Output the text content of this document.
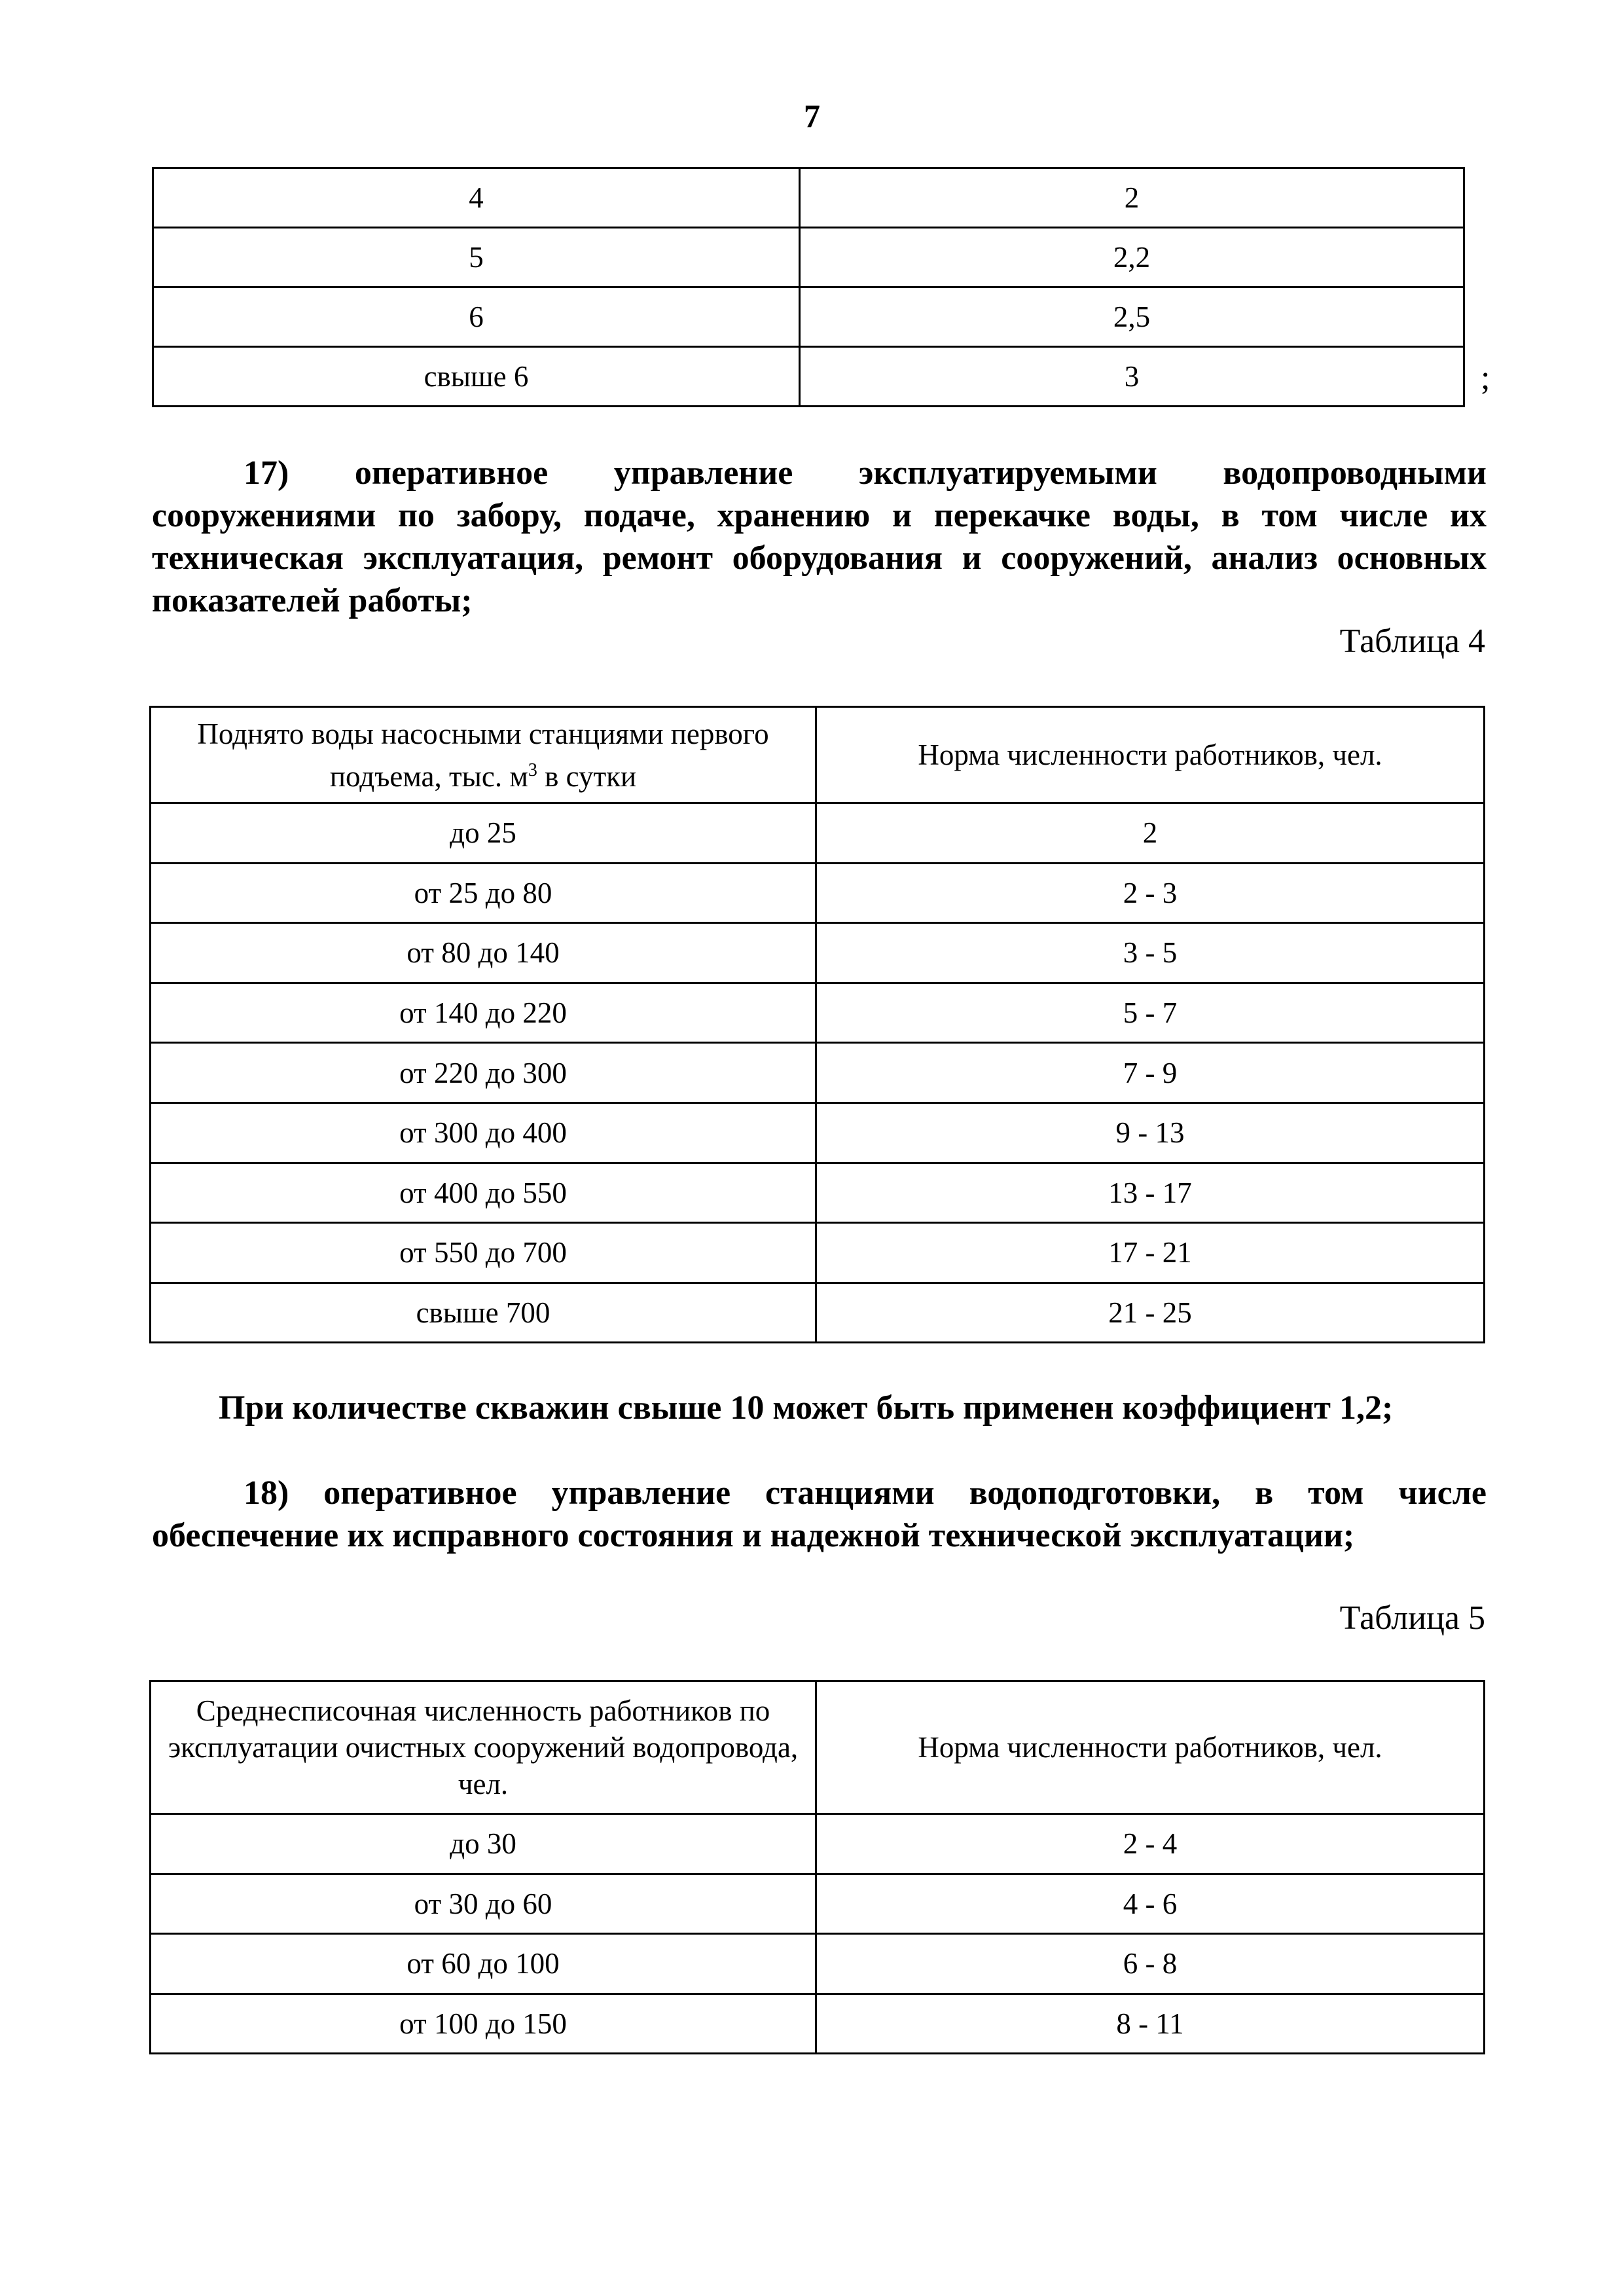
7
4	2
5	2,2
6	2,5
свыше 6	3	;
17) оперативное управление эксплуатируемыми водопроводными сооружениями по забору, подаче, хранению и перекачке воды, в том числе их техническая эксплуатация, ремонт оборудования и сооружений, анализ основных показателей работы;
Таблица 4
Поднято воды насосными станциями первого подъема, тыс. $м^3$ в сутки	Норма численности работников, чел.
до 25	2
от 25 до 80	2 - 3
от 80 до 140	3 - 5
от 140 до 220	5 - 7
от 220 до 300	7 - 9
от 300 до 400	9 - 13
от 400 до 550	13 - 17
от 550 до 700	17 - 21
свыше 700	21 - 25
При количестве скважин свыше 10 может быть применен коэффициент 1,2;
18) оперативное управление станциями водоподготовки, в том числе обеспечение их исправного состояния и надежной технической эксплуатации;
Таблица 5
Среднесписочная численность работников по эксплуатации очистных сооружений водопровода, чел.	Норма численности работников, чел.
до 30	2 - 4
от 30 до 60	4 - 6
от 60 до 100	6 - 8
от 100 до 150	8 - 11
